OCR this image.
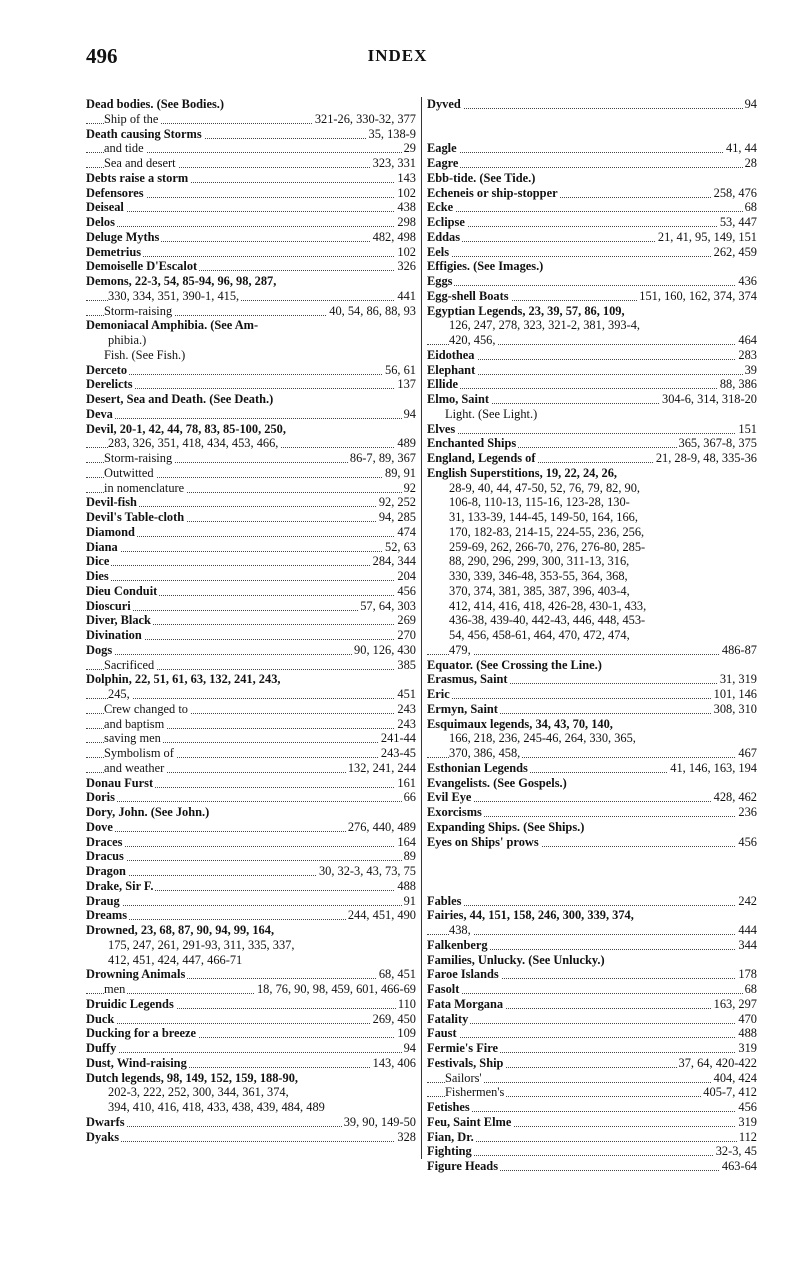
496	INDEX
Dead bodies. (See Bodies.)
Ship of the	321-26, 330-32, 377
Death causing Storms	35, 138-9
and tide	29
Sea and desert	323, 331
Debts raise a storm	143
Defensores	102
Deiseal	438
Delos	298
Deluge Myths	482, 498
Demetrius	102
Demoiselle D'Escalot	326
Demons, 22-3, 54, 85-94, 96, 98, 287,
330, 334, 351, 390-1, 415,	441
Storm-raising	40, 54, 86, 88, 93
Demoniacal Amphibia. (See Am-
phibia.)
Fish. (See Fish.)
Derceto	56, 61
Derelicts	137
Desert, Sea and Death. (See Death.)
Deva	94
Devil, 20-1, 42, 44, 78, 83, 85-100, 250,
283, 326, 351, 418, 434, 453, 466,	489
Storm-raising	86-7, 89, 367
Outwitted	89, 91
in nomenclature	92
Devil-fish	92, 252
Devil's Table-cloth	94, 285
Diamond	474
Diana	52, 63
Dice	284, 344
Dies	204
Dieu Conduit	456
Dioscuri	57, 64, 303
Diver, Black	269
Divination	270
Dogs	90, 126, 430
Sacrificed	385
Dolphin, 22, 51, 61, 63, 132, 241, 243,
245,	451
Crew changed to	243
and baptism	243
saving men	241-44
Symbolism of	243-45
and weather	132, 241, 244
Donau Furst	161
Doris	66
Dory, John. (See John.)
Dove	276, 440, 489
Draces	164
Dracus	89
Dragon	30, 32-3, 43, 73, 75
Drake, Sir F.	488
Draug	91
Dreams	244, 451, 490
Drowned, 23, 68, 87, 90, 94, 99, 164,
175, 247, 261, 291-93, 311, 335, 337,
412, 451, 424, 447, 466-71
Drowning Animals	68, 451
men	18, 76, 90, 98, 459, 601, 466-69
Druidic Legends	110
Duck	269, 450
Ducking for a breeze	109
Duffy	94
Dust, Wind-raising	143, 406
Dutch legends, 98, 149, 152, 159, 188-90,
202-3, 222, 252, 300, 344, 361, 374,
394, 410, 416, 418, 433, 438, 439, 484, 489
Dwarfs	39, 90, 149-50
Dyaks	328
Dyved	94
Eagle	41, 44
Eagre	28
Ebb-tide. (See Tide.)
Echeneis or ship-stopper	258, 476
Ecke	68
Eclipse	53, 447
Eddas	21, 41, 95, 149, 151
Eels	262, 459
Effigies. (See Images.)
Eggs	436
Egg-shell Boats	151, 160, 162, 374, 374
Egyptian Legends, 23, 39, 57, 86, 109,
126, 247, 278, 323, 321-2, 381, 393-4,
420, 456,	464
Eidothea	283
Elephant	39
Ellide	88, 386
Elmo, Saint	304-6, 314, 318-20
Light. (See Light.)
Elves	151
Enchanted Ships	365, 367-8, 375
England, Legends of	21, 28-9, 48, 335-36
English Superstitions, 19, 22, 24, 26,
28-9, 40, 44, 47-50, 52, 76, 79, 82, 90,
106-8, 110-13, 115-16, 123-28, 130-
31, 133-39, 144-45, 149-50, 164, 166,
170, 182-83, 214-15, 224-55, 236, 256,
259-69, 262, 266-70, 276, 276-80, 285-
88, 290, 296, 299, 300, 311-13, 316,
330, 339, 346-48, 353-55, 364, 368,
370, 374, 381, 385, 387, 396, 403-4,
412, 414, 416, 418, 426-28, 430-1, 433,
436-38, 439-40, 442-43, 446, 448, 453-
54, 456, 458-61, 464, 470, 472, 474,
479,	486-87
Equator. (See Crossing the Line.)
Erasmus, Saint	31, 319
Eric	101, 146
Ermyn, Saint	308, 310
Esquimaux legends, 34, 43, 70, 140,
166, 218, 236, 245-46, 264, 330, 365,
370, 386, 458,	467
Esthonian Legends	41, 146, 163, 194
Evangelists. (See Gospels.)
Evil Eye	428, 462
Exorcisms	236
Expanding Ships. (See Ships.)
Eyes on Ships' prows	456
Fables	242
Fairies, 44, 151, 158, 246, 300, 339, 374,
438,	444
Falkenberg	344
Families, Unlucky. (See Unlucky.)
Faroe Islands	178
Fasolt	68
Fata Morgana	163, 297
Fatality	470
Faust	488
Fermie's Fire	319
Festivals, Ship	37, 64, 420-422
Sailors'	404, 424
Fishermen's	405-7, 412
Fetishes	456
Feu, Saint Elme	319
Fian, Dr.	112
Fighting	32-3, 45
Figure Heads	463-64
